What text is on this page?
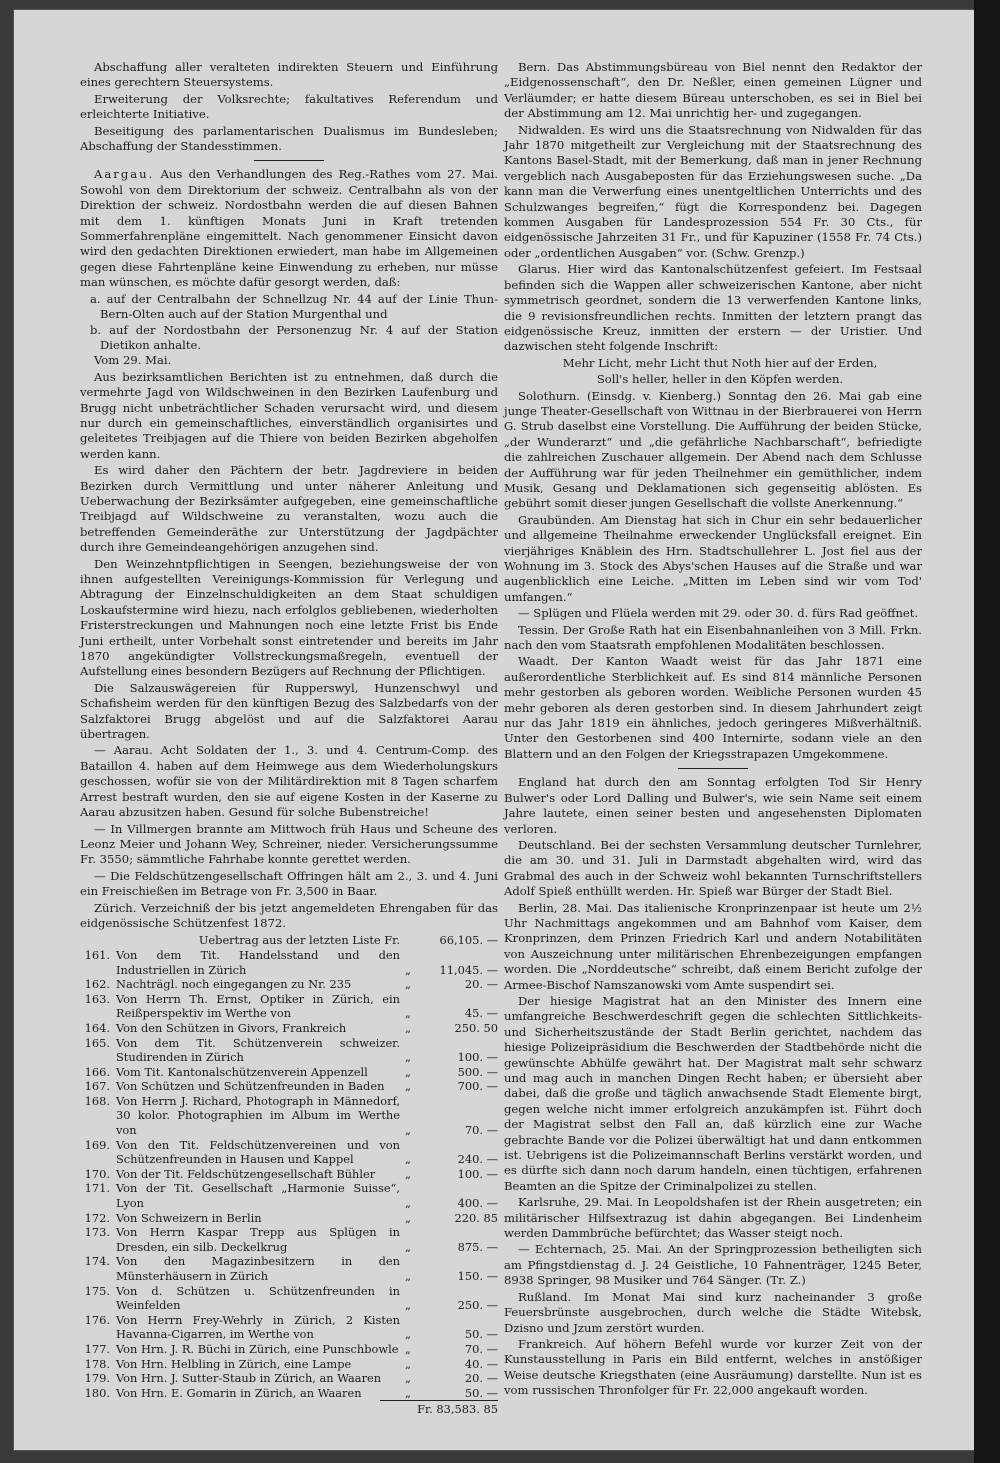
Abschaffung aller veralteten indirekten Steuern und Einführung eines gerechtern Steuersystems.

Erweiterung der Volksrechte; fakultatives Referendum und erleichterte Initiative.

Beseitigung des parlamentarischen Dualismus im Bundesleben; Abschaffung der Standesstimmen.

Aargau. Aus den Verhandlungen des Reg.-Rathes vom 27. Mai. Sowohl von dem Direktorium der schweiz. Centralbahn als von der Direktion der schweiz. Nordostbahn werden die auf diesen Bahnen mit dem 1. künftigen Monats Juni in Kraft tretenden Sommerfahrenpläne eingemittelt. Nach genommener Einsicht davon wird den gedachten Direktionen erwiedert, man habe im Allgemeinen gegen diese Fahrtenpläne keine Einwendung zu erheben, nur müsse man wünschen, es möchte dafür gesorgt werden, daß:

a. auf der Centralbahn der Schnellzug Nr. 44 auf der Linie Thun-Bern-Olten auch auf der Station Murgenthal und
b. auf der Nordostbahn der Personenzug Nr. 4 auf der Station Dietikon anhalte.

Vom 29. Mai.

Aus bezirksamtlichen Berichten ist zu entnehmen, daß durch die vermehrte Jagd von Wildschweinen in den Bezirken Laufenburg und Brugg nicht unbeträchtlicher Schaden verursacht wird, und diesem nur durch ein gemeinschaftliches, einverständlich organisirtes und geleitetes Treibjagen auf die Thiere von beiden Bezirken abgeholfen werden kann.

Es wird daher den Pächtern der betr. Jagdreviere in beiden Bezirken durch Vermittlung und unter näherer Anleitung und Ueberwachung der Bezirksämter aufgegeben, eine gemeinschaftliche Treibjagd auf Wildschweine zu veranstalten, wozu auch die betreffenden Gemeinderäthe zur Unterstützung der Jagdpächter durch ihre Gemeindeangehörigen anzugehen sind.

Den Weinzehntpflichtigen in Seengen, beziehungsweise der von ihnen aufgestellten Vereinigungs-Kommission für Verlegung und Abtragung der Einzelnschuldigkeiten an dem Staat schuldigen Loskaufstermine wird hiezu, nach erfolglos gebliebenen, wiederholten Fristerstreckungen und Mahnungen noch eine letzte Frist bis Ende Juni ertheilt, unter Vorbehalt sonst eintretender und bereits im Jahr 1870 angekündigter Vollstreckungsmaßregeln, eventuell der Aufstellung eines besondern Bezügers auf Rechnung der Pflichtigen.

Die Salzauswägereien für Rupperswyl, Hunzenschwyl und Schafisheim werden für den künftigen Bezug des Salzbedarfs von der Salzfaktorei Brugg abgelöst und auf die Salzfaktorei Aarau übertragen.

— Aarau. Acht Soldaten der 1., 3. und 4. Centrum-Comp. des Bataillon 4. haben auf dem Heimwege aus dem Wiederholungskurs geschossen, wofür sie von der Militärdirektion mit 8 Tagen scharfem Arrest bestraft wurden, den sie auf eigene Kosten in der Kaserne zu Aarau abzusitzen haben. Gesund für solche Bubenstreiche!

— In Villmergen brannte am Mittwoch früh Haus und Scheune des Leonz Meier und Johann Wey, Schreiner, nieder. Versicherungssumme Fr. 3550; sämmtliche Fahrhabe konnte gerettet werden.

— Die Feldschützengesellschaft Offringen hält am 2., 3. und 4. Juni ein Freischießen im Betrage von Fr. 3,500 in Baar.

Zürich. Verzeichniß der bis jetzt angemeldeten Ehrengaben für das eidgenössische Schützenfest 1872.

	Uebertrag aus der letzten Liste Fr.		66,105. —
161.	Von dem Tit. Handelsstand und den Industriellen in Zürich	„	11,045. —
162.	Nachträgl. noch eingegangen zu Nr. 235	„	20. —
163.	Von Herrn Th. Ernst, Optiker in Zürich, ein Reißperspektiv im Werthe von	„	45. —
164.	Von den Schützen in Givors, Frankreich	„	250. 50
165.	Von dem Tit. Schützenverein schweizer. Studirenden in Zürich	„	100. —
166.	Vom Tit. Kantonalschützenverein Appenzell	„	500. —
167.	Von Schützen und Schützenfreunden in Baden	„	700. —
168.	Von Herrn J. Richard, Photograph in Männedorf, 30 kolor. Photographien im Album im Werthe von	„	70. —
169.	Von den Tit. Feldschützenvereinen und von Schützenfreunden in Hausen und Kappel	„	240. —
170.	Von der Tit. Feldschützengesellschaft Bühler	„	100. —
171.	Von der Tit. Gesellschaft „Harmonie Suisse“, Lyon	„	400. —
172.	Von Schweizern in Berlin	„	220. 85
173.	Von Herrn Kaspar Trepp aus Splügen in Dresden, ein silb. Deckelkrug	„	875. —
174.	Von den Magazinbesitzern in den Münsterhäusern in Zürich	„	150. —
175.	Von d. Schützen u. Schützenfreunden in Weinfelden	„	250. —
176.	Von Herrn Frey-Wehrly in Zürich, 2 Kisten Havanna-Cigarren, im Werthe von	„	50. —
177.	Von Hrn. J. R. Büchi in Zürich, eine Punschbowle	„	70. —
178.	Von Hrn. Helbling in Zürich, eine Lampe	„	40. —
179.	Von Hrn. J. Sutter-Staub in Zürich, an Waaren	„	20. —
180.	Von Hrn. E. Gomarin in Zürich, an Waaren	„	50. —
Fr. 83,583. 85

Bern. Das Abstimmungsbüreau von Biel nennt den Redaktor der „Eidgenossenschaft“, den Dr. Neßler, einen gemeinen Lügner und Verläumder; er hatte diesem Büreau unterschoben, es sei in Biel bei der Abstimmung am 12. Mai unrichtig her- und zugegangen.

Nidwalden. Es wird uns die Staatsrechnung von Nidwalden für das Jahr 1870 mitgetheilt zur Vergleichung mit der Staatsrechnung des Kantons Basel-Stadt, mit der Bemerkung, daß man in jener Rechnung vergeblich nach Ausgabeposten für das Erziehungswesen suche. „Da kann man die Verwerfung eines unentgeltlichen Unterrichts und des Schulzwanges begreifen,“ fügt die Korrespondenz bei. Dagegen kommen Ausgaben für Landesprozession 554 Fr. 30 Cts., für eidgenössische Jahrzeiten 31 Fr., und für Kapuziner (1558 Fr. 74 Cts.) oder „ordentlichen Ausgaben“ vor. (Schw. Grenzp.)

Glarus. Hier wird das Kantonalschützenfest gefeiert. Im Festsaal befinden sich die Wappen aller schweizerischen Kantone, aber nicht symmetrisch geordnet, sondern die 13 verwerfenden Kantone links, die 9 revisionsfreundlichen rechts. Inmitten der letztern prangt das eidgenössische Kreuz, inmitten der erstern — der Uristier. Und dazwischen steht folgende Inschrift:

Mehr Licht, mehr Licht thut Noth hier auf der Erden,

Soll's heller, heller in den Köpfen werden.

Solothurn. (Einsdg. v. Kienberg.) Sonntag den 26. Mai gab eine junge Theater-Gesellschaft von Wittnau in der Bierbrauerei von Herrn G. Strub daselbst eine Vorstellung. Die Aufführung der beiden Stücke, „der Wunderarzt“ und „die gefährliche Nachbarschaft“, befriedigte die zahlreichen Zuschauer allgemein. Der Abend nach dem Schlusse der Aufführung war für jeden Theilnehmer ein gemüthlicher, indem Musik, Gesang und Deklamationen sich gegenseitig ablösten. Es gebührt somit dieser jungen Gesellschaft die vollste Anerkennung.“

Graubünden. Am Dienstag hat sich in Chur ein sehr bedauerlicher und allgemeine Theilnahme erweckender Unglücksfall ereignet. Ein vierjähriges Knäblein des Hrn. Stadtschullehrer L. Jost fiel aus der Wohnung im 3. Stock des Abys'schen Hauses auf die Straße und war augenblicklich eine Leiche. „Mitten im Leben sind wir vom Tod' umfangen.“

— Splügen und Flüela werden mit 29. oder 30. d. fürs Rad geöffnet.

Tessin. Der Große Rath hat ein Eisenbahnanleihen von 3 Mill. Frkn. nach den vom Staatsrath empfohlenen Modalitäten beschlossen.

Waadt. Der Kanton Waadt weist für das Jahr 1871 eine außerordentliche Sterblichkeit auf. Es sind 814 männliche Personen mehr gestorben als geboren worden. Weibliche Personen wurden 45 mehr geboren als deren gestorben sind. In diesem Jahrhundert zeigt nur das Jahr 1819 ein ähnliches, jedoch geringeres Mißverhältniß. Unter den Gestorbenen sind 400 Internirte, sodann viele an den Blattern und an den Folgen der Kriegsstrapazen Umgekommene.

England hat durch den am Sonntag erfolgten Tod Sir Henry Bulwer's oder Lord Dalling und Bulwer's, wie sein Name seit einem Jahre lautete, einen seiner besten und angesehensten Diplomaten verloren.

Deutschland. Bei der sechsten Versammlung deutscher Turnlehrer, die am 30. und 31. Juli in Darmstadt abgehalten wird, wird das Grabmal des auch in der Schweiz wohl bekannten Turnschriftstellers Adolf Spieß enthüllt werden. Hr. Spieß war Bürger der Stadt Biel.

Berlin, 28. Mai. Das italienische Kronprinzenpaar ist heute um 2½ Uhr Nachmittags angekommen und am Bahnhof vom Kaiser, dem Kronprinzen, dem Prinzen Friedrich Karl und andern Notabilitäten von Auszeichnung unter militärischen Ehrenbezeigungen empfangen worden. Die „Norddeutsche“ schreibt, daß einem Bericht zufolge der Armee-Bischof Namszanowski vom Amte suspendirt sei.

Der hiesige Magistrat hat an den Minister des Innern eine umfangreiche Beschwerdeschrift gegen die schlechten Sittlichkeits- und Sicherheitszustände der Stadt Berlin gerichtet, nachdem das hiesige Polizeipräsidium die Beschwerden der Stadtbehörde nicht die gewünschte Abhülfe gewährt hat. Der Magistrat malt sehr schwarz und mag auch in manchen Dingen Recht haben; er übersieht aber dabei, daß die große und täglich anwachsende Stadt Elemente birgt, gegen welche nicht immer erfolgreich anzukämpfen ist. Führt doch der Magistrat selbst den Fall an, daß kürzlich eine zur Wache gebrachte Bande vor die Polizei überwältigt hat und dann entkommen ist. Uebrigens ist die Polizeimannschaft Berlins verstärkt worden, und es dürfte sich dann noch darum handeln, einen tüchtigen, erfahrenen Beamten an die Spitze der Criminalpolizei zu stellen.

Karlsruhe, 29. Mai. In Leopoldshafen ist der Rhein ausgetreten; ein militärischer Hilfsextrazug ist dahin abgegangen. Bei Lindenheim werden Dammbrüche befürchtet; das Wasser steigt noch.

— Echternach, 25. Mai. An der Springprozession betheiligten sich am Pfingstdienstag d. J. 24 Geistliche, 10 Fahnenträger, 1245 Beter, 8938 Springer, 98 Musiker und 764 Sänger. (Tr. Z.)

Rußland. Im Monat Mai sind kurz nacheinander 3 große Feuersbrünste ausgebrochen, durch welche die Städte Witebsk, Dzisno und Jzum zerstört wurden.

Frankreich. Auf höhern Befehl wurde vor kurzer Zeit von der Kunstausstellung in Paris ein Bild entfernt, welches in anstößiger Weise deutsche Kriegsthaten (eine Ausräumung) darstellte. Nun ist es vom russischen Thronfolger für Fr. 22,000 angekauft worden.
